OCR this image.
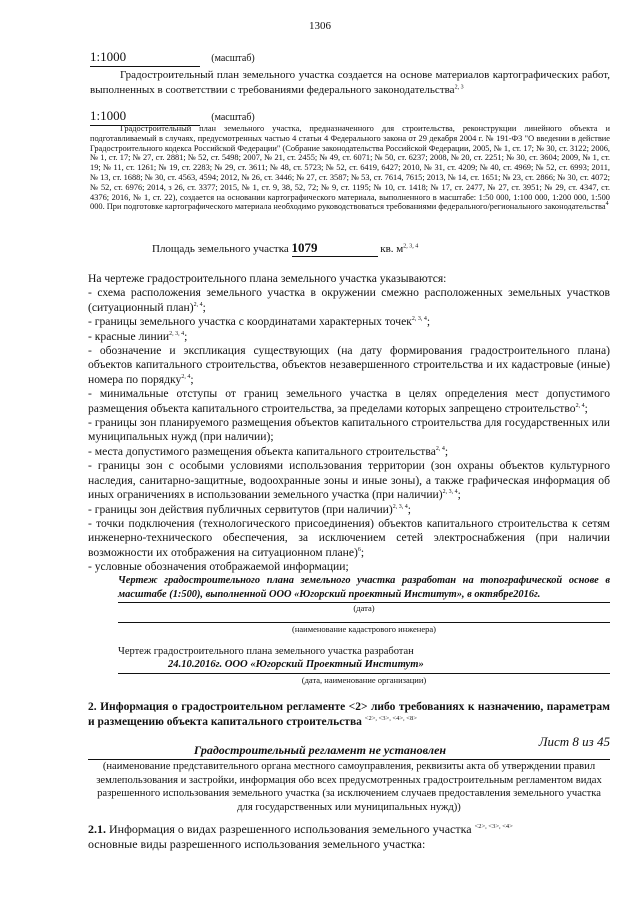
1306
1:1000	(масштаб)
Градостроительный план земельного участка создается на основе материалов картографических работ, выполненных в соответствии с требованиями федерального законодательства$^{2, 3}$
1:1000	(масштаб)
Градостроительный план земельного участка, предназначенного для строительства, реконструкции линейного объекта и подготавливаемый в случаях, предусмотренных частью 4 статьи 4 Федерального закона от 29 декабря 2004 г. № 191-ФЗ "О введении в действие Градостроительного кодекса Российской Федерации" (Собрание законодательства Российской Федерации, 2005, № 1, ст. 17; № 30, ст. 3122; 2006, № 1, ст. 17; № 27, ст. 2881; № 52, ст. 5498; 2007, № 21, ст. 2455; № 49, ст. 6071; № 50, ст. 6237; 2008, № 20, ст. 2251; № 30, ст. 3604; 2009, № 1, ст. 19; № 11, ст. 1261; № 19, ст. 2283; № 29, ст. 3611; № 48, ст. 5723; № 52, ст. 6419, 6427; 2010, № 31, ст. 4209; № 40, ст. 4969; № 52, ст. 6993; 2011, № 13, ст. 1688; № 30, ст. 4563, 4594; 2012, № 26, ст. 3446; № 27, ст. 3587; № 53, ст. 7614, 7615; 2013, № 14, ст. 1651; № 23, ст. 2866; № 30, ст. 4072; № 52, ст. 6976; 2014, з 26, ст. 3377; 2015, № 1, ст. 9, 38, 52, 72; № 9, ст. 1195; № 10, ст. 1418; № 17, ст. 2477, № 27, ст. 3951; № 29, ст. 4347, ст. 4376; 2016, № 1, ст. 22), создается на основании картографического материала, выполненного в масштабе: 1:50 000, 1:100 000, 1:200 000, 1:500 000. При подготовке картографического материала необходимо руководствоваться требованиями федерального/регионального законодательства$^4$
Площадь земельного участка 1079	кв. $м^{2, 3, 4}$
На чертеже градостроительного плана земельного участка указываются:
- схема расположения земельного участка в окружении смежно расположенных земельных участков (ситуационный план)$^{2, 4}$;
- границы земельного участка с координатами характерных точек$^{2, 3, 4}$;
- красные линии$^{2, 3, 4}$;
- обозначение и экспликация существующих (на дату формирования градостроительного плана) объектов капитального строительства, объектов незавершенного строительства и их кадастровые (иные) номера по порядку$^{2, 4}$;
- минимальные отступы от границ земельного участка в целях определения мест допустимого размещения объекта капитального строительства, за пределами которых запрещено строительство$^{2, 4}$;
- границы зон планируемого размещения объектов капитального строительства для государственных или муниципальных нужд (при наличии);
- места допустимого размещения объекта капитального строительства$^{2, 4}$;
- границы зон с особыми условиями использования территории (зон охраны объектов культурного наследия, санитарно-защитные, водоохранные зоны и иные зоны), а также графическая информация об иных ограничениях в использовании земельного участка (при наличии)$^{2, 3, 4}$;
- границы зон действия публичных сервитутов (при наличии)$^{2, 3, 4}$;
- точки подключения (технологического присоединения) объектов капитального строительства к сетям инженерно-технического обеспечения, за исключением сетей электроснабжения (при наличии возможности их отображения на ситуационном плане)$^6$;
- условные обозначения отображаемой информации;
Чертеж градостроительного плана земельного участка разработан на топографической основе в масштабе (1:500), выполненной ООО «Югорский проектный Институт», в октябре2016г.
(дата)
(наименование кадастрового инженера)
Чертеж градостроительного плана земельного участка разработан
24.10.2016г. ООО «Югорский Проектный Институт»
(дата, наименование организации)
2. Информация о градостроительном регламенте <2> либо требованиях к назначению, параметрам и размещению объекта капитального строительства $^{<2>, <3>, <4>, <8>}$
Лист 8 из 45
Градостроительный регламент не установлен
(наименование представительного органа местного самоуправления, реквизиты акта об утверждении правил землепользования и застройки, информация обо всех предусмотренных градостроительным регламентом видах разрешенного использования земельного участка (за исключением случаев предоставления земельного участка для государственных или муниципальных нужд))
2.1. Информация о видах разрешенного использования земельного участка $^{<2>, <3>, <4>}$
основные виды разрешенного использования земельного участка:
